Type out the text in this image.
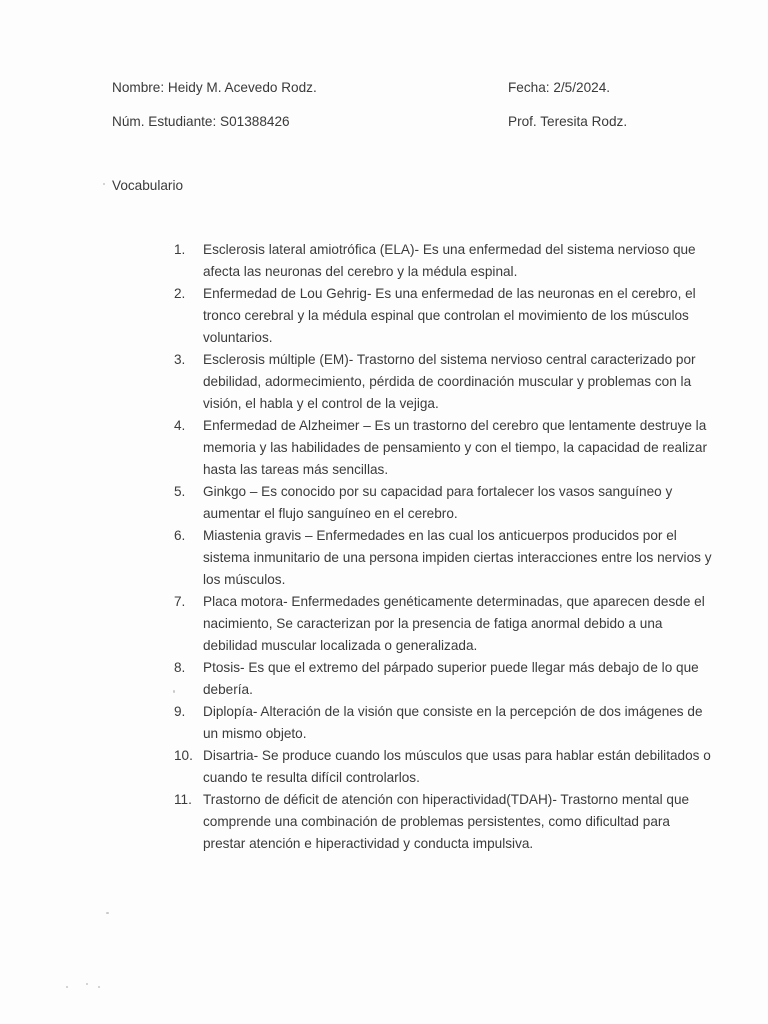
Nombre: Heidy M. Acevedo Rodz.	Fecha: 2/5/2024.
Núm. Estudiante: S01388426	Prof. Teresita Rodz.
Vocabulario
1.	Esclerosis lateral amiotrófica (ELA)- Es una enfermedad del sistema nervioso que afecta las neuronas del cerebro y la médula espinal.
2.	Enfermedad de Lou Gehrig- Es una enfermedad de las neuronas en el cerebro, el tronco cerebral y la médula espinal que controlan el movimiento de los músculos voluntarios.
3.	Esclerosis múltiple (EM)- Trastorno del sistema nervioso central caracterizado por debilidad, adormecimiento, pérdida de coordinación muscular y problemas con la visión, el habla y el control de la vejiga.
4.	Enfermedad de Alzheimer – Es un trastorno del cerebro que lentamente destruye la memoria y las habilidades de pensamiento y con el tiempo, la capacidad de realizar hasta las tareas más sencillas.
5.	Ginkgo – Es conocido por su capacidad para fortalecer los vasos sanguíneo y aumentar el flujo sanguíneo en el cerebro.
6.	Miastenia gravis – Enfermedades en las cual los anticuerpos producidos por el sistema inmunitario de una persona impiden ciertas interacciones entre los nervios y los músculos.
7.	Placa motora- Enfermedades genéticamente determinadas, que aparecen desde el nacimiento, Se caracterizan por la presencia de fatiga anormal debido a una debilidad muscular localizada o generalizada.
8.	Ptosis- Es que el extremo del párpado superior puede llegar más debajo de lo que debería.
9.	Diplopía- Alteración de la visión que consiste en la percepción de dos imágenes de un mismo objeto.
10. Disartria- Se produce cuando los músculos que usas para hablar están debilitados o cuando te resulta difícil controlarlos.
11. Trastorno de déficit de atención con hiperactividad(TDAH)- Trastorno mental que comprende una combinación de problemas persistentes, como dificultad para prestar atención e hiperactividad y conducta impulsiva.
